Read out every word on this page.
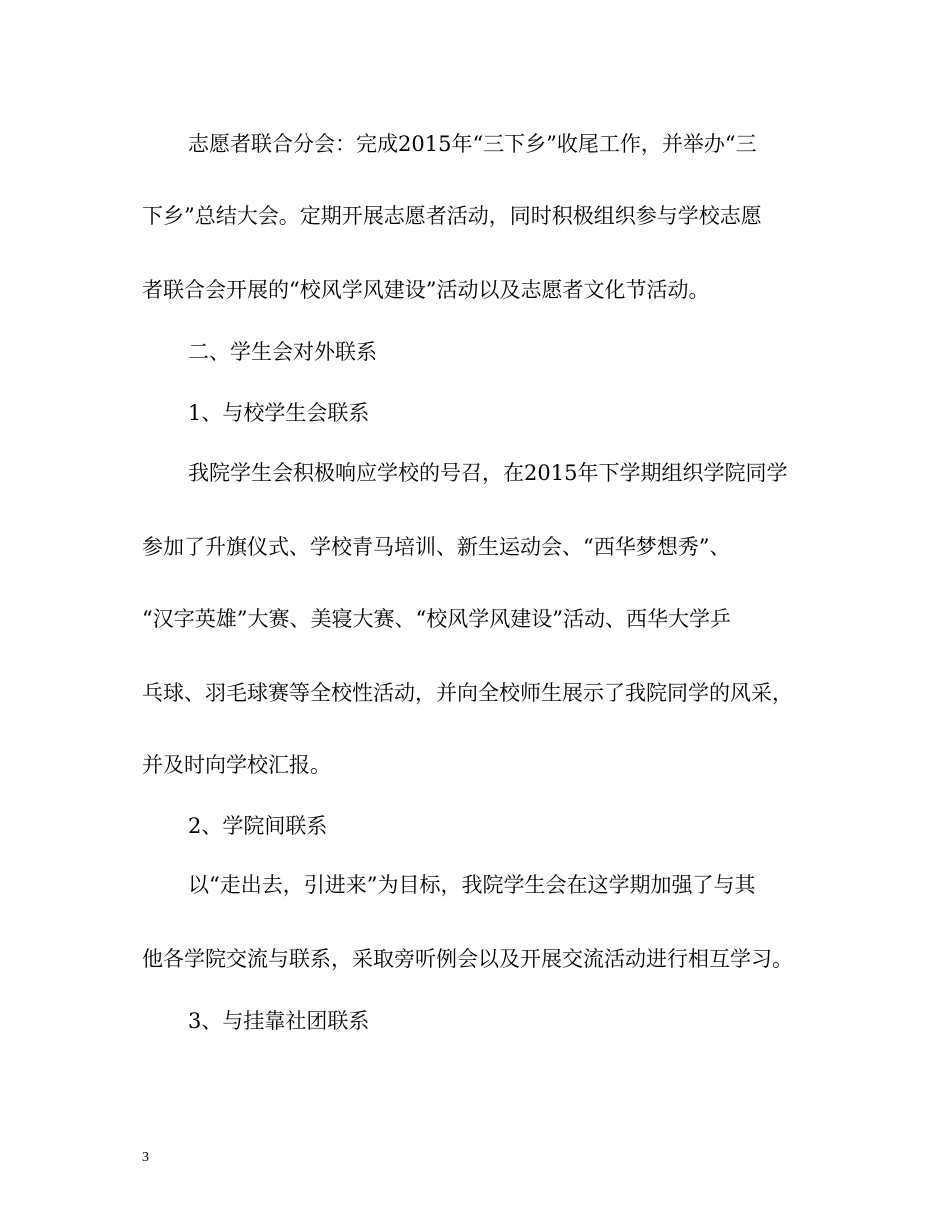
志愿者联合分会：完成2015年“三下乡”收尾工作，并举办“三
下乡”总结大会。定期开展志愿者活动，同时积极组织参与学校志愿
者联合会开展的“校风学风建设”活动以及志愿者文化节活动。
二、学生会对外联系
1、与校学生会联系
我院学生会积极响应学校的号召，在2015年下学期组织学院同学
参加了升旗仪式、学校青马培训、新生运动会、“西华梦想秀”、
“汉字英雄”大赛、美寝大赛、“校风学风建设”活动、西华大学乒
乓球、羽毛球赛等全校性活动，并向全校师生展示了我院同学的风采，
并及时向学校汇报。
2、学院间联系
以“走出去，引进来”为目标，我院学生会在这学期加强了与其
他各学院交流与联系，采取旁听例会以及开展交流活动进行相互学习。
3、与挂靠社团联系
3
